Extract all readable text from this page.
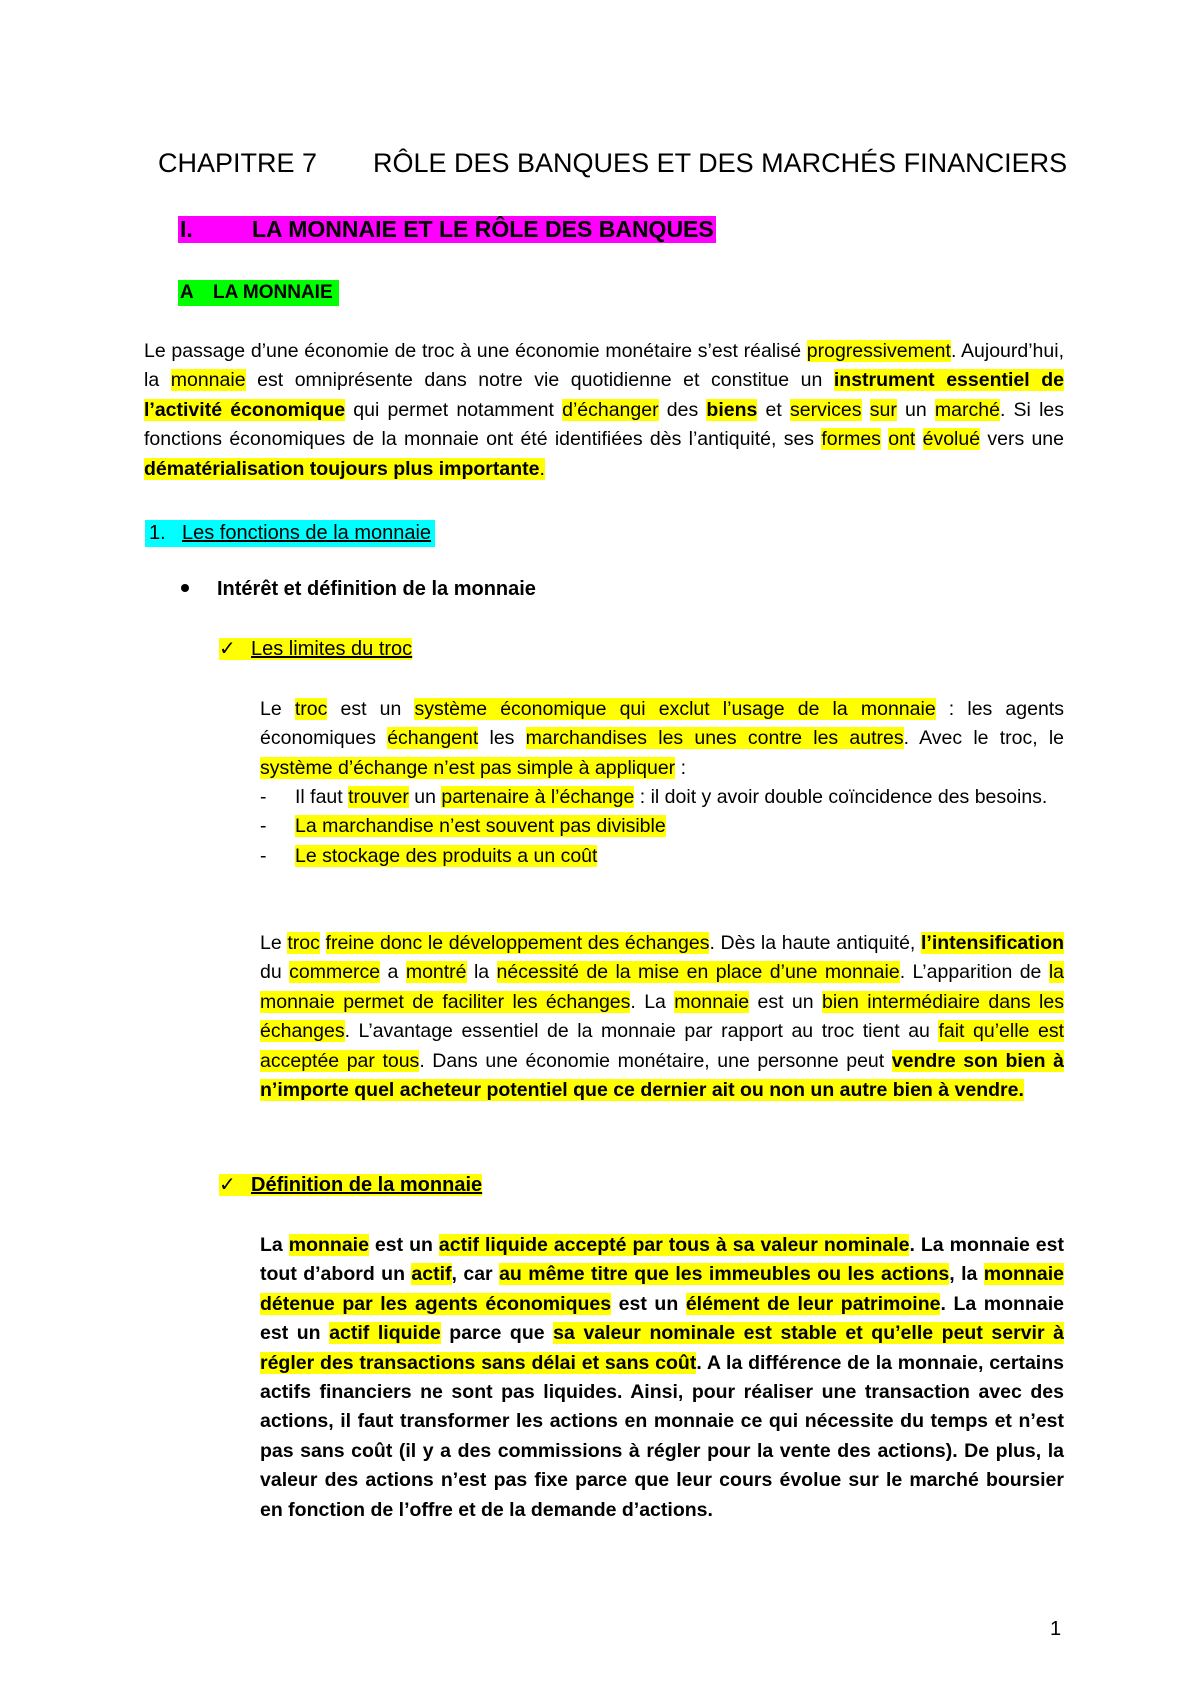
CHAPITRE 7 RÔLE DES BANQUES ET DES MARCHÉS FINANCIERS
I.	LA MONNAIE ET LE RÔLE DES BANQUES
A LA MONNAIE
Le passage d’une économie de troc à une économie monétaire s’est réalisé progressivement. Aujourd’hui, la monnaie est omniprésente dans notre vie quotidienne et constitue un instrument essentiel de l’activité économique qui permet notamment d’échanger des biens et services sur un marché. Si les fonctions économiques de la monnaie ont été identifiées dès l’antiquité, ses formes ont évolué vers une dématérialisation toujours plus importante.
1. Les fonctions de la monnaie
Intérêt et définition de la monnaie
✓ Les limites du troc
Le troc est un système économique qui exclut l’usage de la monnaie : les agents économiques échangent les marchandises les unes contre les autres. Avec le troc, le système d’échange n’est pas simple à appliquer :
- Il faut trouver un partenaire à l’échange : il doit y avoir double coïncidence des besoins.
- La marchandise n’est souvent pas divisible
- Le stockage des produits a un coût
Le troc freine donc le développement des échanges. Dès la haute antiquité, l’intensification du commerce a montré la nécessité de la mise en place d’une monnaie. L’apparition de la monnaie permet de faciliter les échanges. La monnaie est un bien intermédiaire dans les échanges. L’avantage essentiel de la monnaie par rapport au troc tient au fait qu’elle est acceptée par tous. Dans une économie monétaire, une personne peut vendre son bien à n’importe quel acheteur potentiel que ce dernier ait ou non un autre bien à vendre.
✓ Définition de la monnaie
La monnaie est un actif liquide accepté par tous à sa valeur nominale. La monnaie est tout d’abord un actif, car au même titre que les immeubles ou les actions, la monnaie détenue par les agents économiques est un élément de leur patrimoine. La monnaie est un actif liquide parce que sa valeur nominale est stable et qu’elle peut servir à régler des transactions sans délai et sans coût. A la différence de la monnaie, certains actifs financiers ne sont pas liquides. Ainsi, pour réaliser une transaction avec des actions, il faut transformer les actions en monnaie ce qui nécessite du temps et n’est pas sans coût (il y a des commissions à régler pour la vente des actions). De plus, la valeur des actions n’est pas fixe parce que leur cours évolue sur le marché boursier en fonction de l’offre et de la demande d’actions.
1
